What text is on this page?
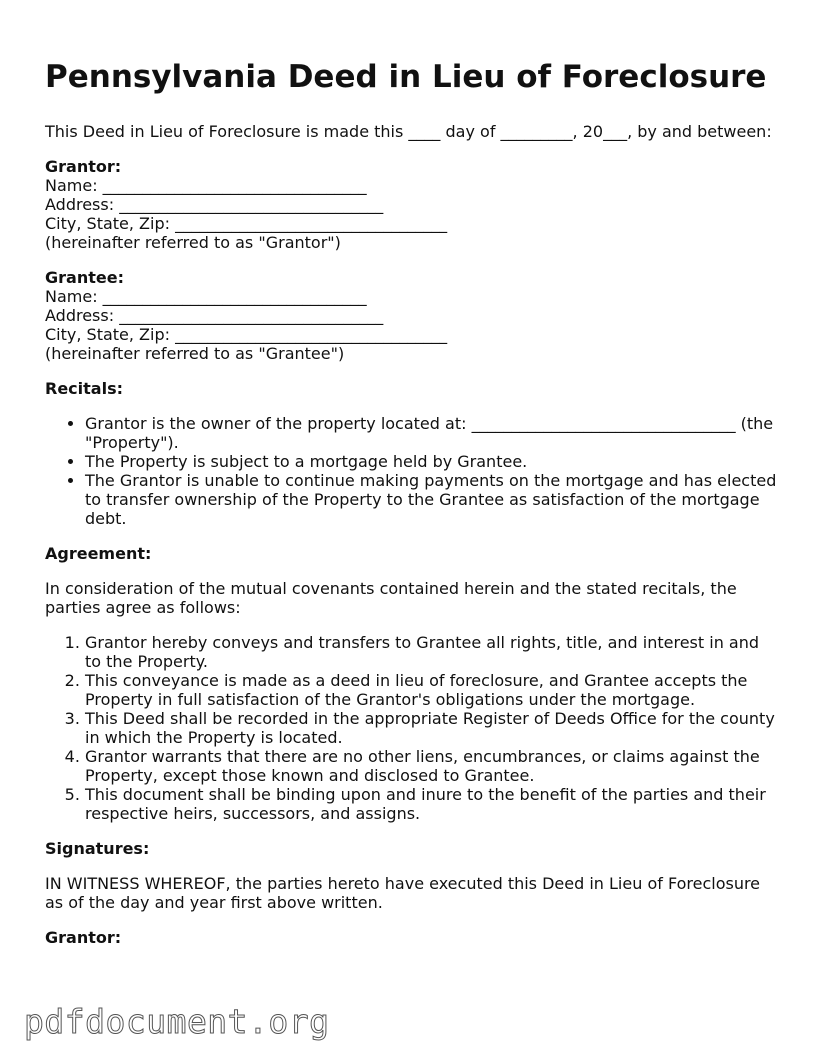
Pennsylvania Deed in Lieu of Foreclosure

This Deed in Lieu of Foreclosure is made this ____ day of _________, 20___, by and between:

Grantor:
Name: _________________________________
Address: _________________________________
City, State, Zip: __________________________________
(hereinafter referred to as "Grantor")
Grantee:
Name: _________________________________
Address: _________________________________
City, State, Zip: __________________________________
(hereinafter referred to as "Grantee")
Recitals:
• Grantor is the owner of the property located at: _________________________________ (the "Property").
• The Property is subject to a mortgage held by Grantee.
• The Grantor is unable to continue making payments on the mortgage and has elected to transfer ownership of the Property to the Grantee as satisfaction of the mortgage debt.
Agreement:

In consideration of the mutual covenants contained herein and the stated recitals, the parties agree as follows:

1. Grantor hereby conveys and transfers to Grantee all rights, title, and interest in and to the Property.
2. This conveyance is made as a deed in lieu of foreclosure, and Grantee accepts the Property in full satisfaction of the Grantor's obligations under the mortgage.
3. This Deed shall be recorded in the appropriate Register of Deeds Office for the county in which the Property is located.
4. Grantor warrants that there are no other liens, encumbrances, or claims against the Property, except those known and disclosed to Grantee.
5. This document shall be binding upon and inure to the benefit of the parties and their respective heirs, successors, and assigns.
Signatures:

IN WITNESS WHEREOF, the parties hereto have executed this Deed in Lieu of Foreclosure as of the day and year first above written.

Grantor:
pdfdocument.org
